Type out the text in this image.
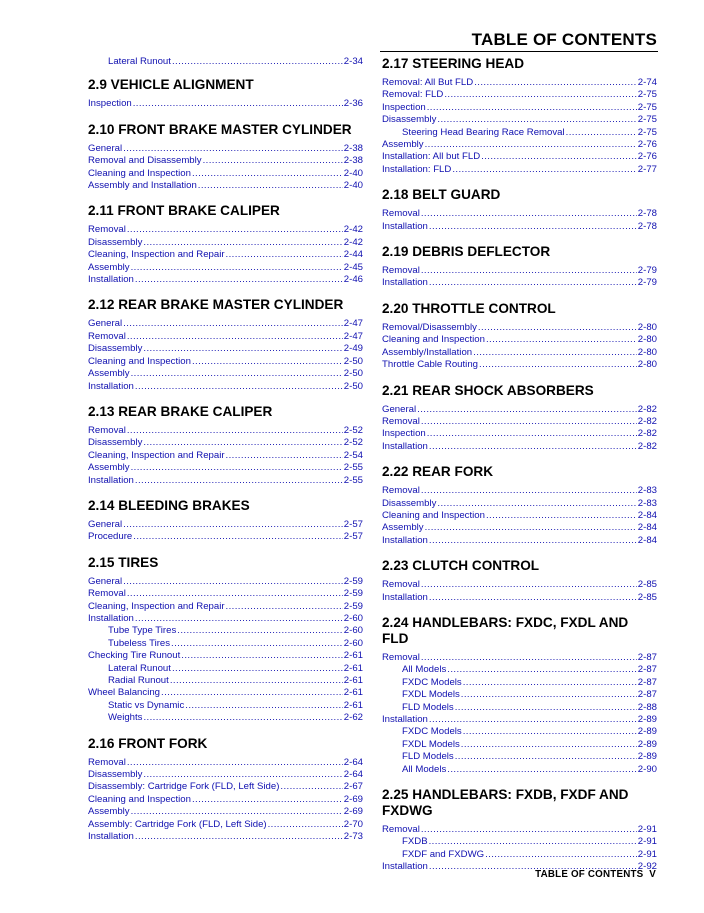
TABLE OF CONTENTS
Lateral Runout .....	2-34
2.9 VEHICLE ALIGNMENT
Inspection .....	2-36
2.10 FRONT BRAKE MASTER CYLINDER
General .....	2-38
Removal and Disassembly .....	2-38
Cleaning and Inspection .....	2-40
Assembly and Installation .....	2-40
2.11 FRONT BRAKE CALIPER
Removal .....	2-42
Disassembly .....	2-42
Cleaning, Inspection and Repair .....	2-44
Assembly .....	2-45
Installation .....	2-46
2.12 REAR BRAKE MASTER CYLINDER
General .....	2-47
Removal .....	2-47
Disassembly .....	2-49
Cleaning and Inspection .....	2-50
Assembly .....	2-50
Installation .....	2-50
2.13 REAR BRAKE CALIPER
Removal .....	2-52
Disassembly .....	2-52
Cleaning, Inspection and Repair .....	2-54
Assembly .....	2-55
Installation .....	2-55
2.14 BLEEDING BRAKES
General .....	2-57
Procedure .....	2-57
2.15 TIRES
General .....	2-59
Removal .....	2-59
Cleaning, Inspection and Repair .....	2-59
Installation .....	2-60
Tube Type Tires .....	2-60
Tubeless Tires .....	2-60
Checking Tire Runout .....	2-61
Lateral Runout .....	2-61
Radial Runout .....	2-61
Wheel Balancing .....	2-61
Static vs Dynamic .....	2-61
Weights .....	2-62
2.16 FRONT FORK
Removal .....	2-64
Disassembly .....	2-64
Disassembly: Cartridge Fork (FLD, Left Side) .....	2-67
Cleaning and Inspection .....	2-69
Assembly .....	2-69
Assembly: Cartridge Fork (FLD, Left Side) .....	2-70
Installation .....	2-73
2.17 STEERING HEAD
Removal: All But FLD .....	2-74
Removal: FLD .....	2-75
Inspection .....	2-75
Disassembly .....	2-75
Steering Head Bearing Race Removal .....	2-75
Assembly .....	2-76
Installation: All but FLD .....	2-76
Installation: FLD .....	2-77
2.18 BELT GUARD
Removal .....	2-78
Installation .....	2-78
2.19 DEBRIS DEFLECTOR
Removal .....	2-79
Installation .....	2-79
2.20 THROTTLE CONTROL
Removal/Disassembly .....	2-80
Cleaning and Inspection .....	2-80
Assembly/Installation .....	2-80
Throttle Cable Routing .....	2-80
2.21 REAR SHOCK ABSORBERS
General .....	2-82
Removal .....	2-82
Inspection .....	2-82
Installation .....	2-82
2.22 REAR FORK
Removal .....	2-83
Disassembly .....	2-83
Cleaning and Inspection .....	2-84
Assembly .....	2-84
Installation .....	2-84
2.23 CLUTCH CONTROL
Removal .....	2-85
Installation .....	2-85
2.24 HANDLEBARS: FXDC, FXDL AND FLD
Removal .....	2-87
All Models .....	2-87
FXDC Models .....	2-87
FXDL Models .....	2-87
FLD Models .....	2-88
Installation .....	2-89
FXDC Models .....	2-89
FXDL Models .....	2-89
FLD Models .....	2-89
All Models .....	2-90
2.25 HANDLEBARS: FXDB, FXDF AND FXDWG
Removal .....	2-91
FXDB .....	2-91
FXDF and FXDWG .....	2-91
Installation .....	2-92
TABLE OF CONTENTS V
